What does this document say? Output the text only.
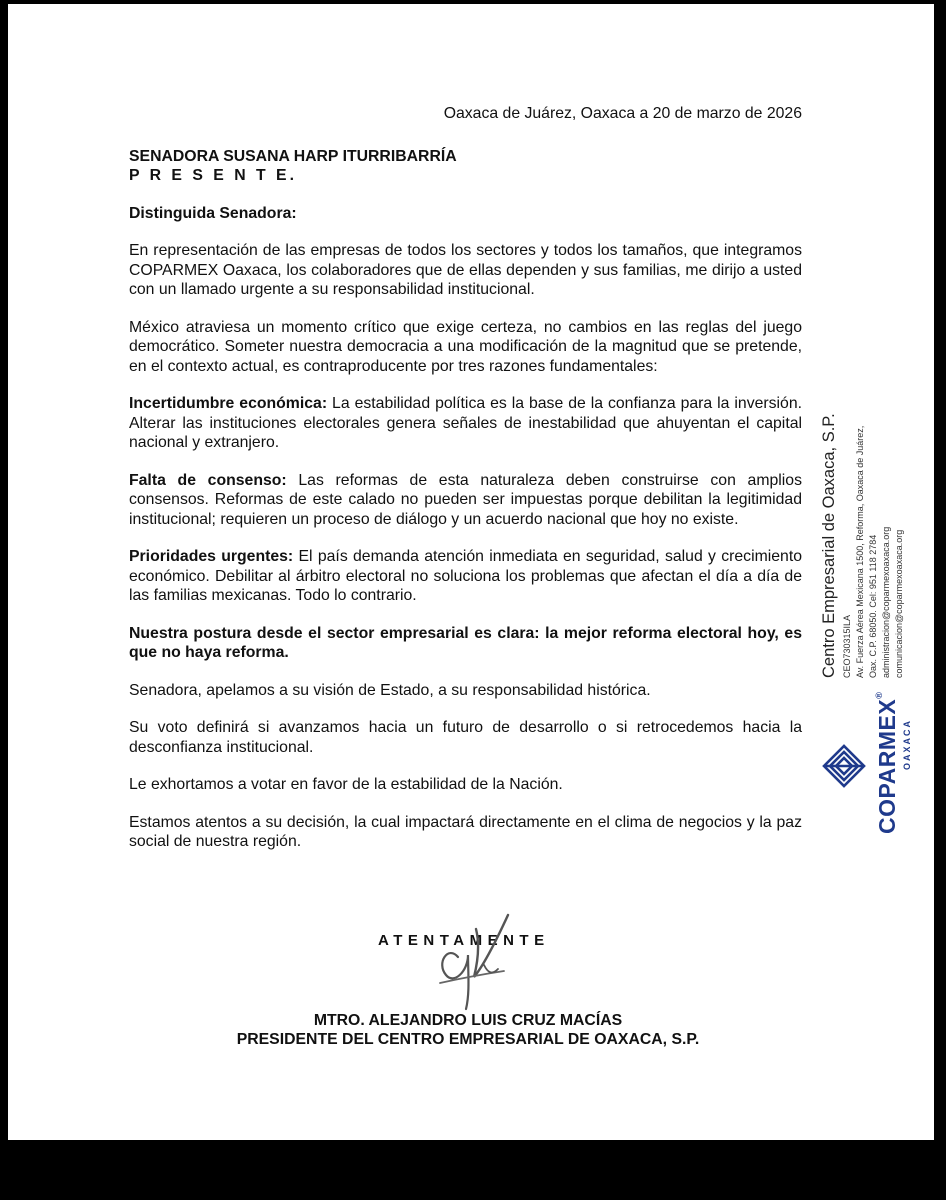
Oaxaca de Juárez, Oaxaca a 20 de marzo de 2026

SENADORA SUSANA HARP ITURRIBARRÍA

P R E S E N T E.

Distinguida Senadora:

En representación de las empresas de todos los sectores y todos los tamaños, que integramos COPARMEX Oaxaca, los colaboradores que de ellas dependen y sus familias, me dirijo a usted con un llamado urgente a su responsabilidad institucional.

México atraviesa un momento crítico que exige certeza, no cambios en las reglas del juego democrático. Someter nuestra democracia a una modificación de la magnitud que se pretende, en el contexto actual, es contraproducente por tres razones fundamentales:

Incertidumbre económica: La estabilidad política es la base de la confianza para la inversión. Alterar las instituciones electorales genera señales de inestabilidad que ahuyentan el capital nacional y extranjero.

Falta de consenso: Las reformas de esta naturaleza deben construirse con amplios consensos. Reformas de este calado no pueden ser impuestas porque debilitan la legitimidad institucional; requieren un proceso de diálogo y un acuerdo nacional que hoy no existe.

Prioridades urgentes: El país demanda atención inmediata en seguridad, salud y crecimiento económico. Debilitar al árbitro electoral no soluciona los problemas que afectan el día a día de las familias mexicanas. Todo lo contrario.

Nuestra postura desde el sector empresarial es clara: la mejor reforma electoral hoy, es que no haya reforma.

Senadora, apelamos a su visión de Estado, a su responsabilidad histórica.

Su voto definirá si avanzamos hacia un futuro de desarrollo o si retrocedemos hacia la desconfianza institucional.

Le exhortamos a votar en favor de la estabilidad de la Nación.

Estamos atentos a su decisión, la cual impactará directamente en el clima de negocios y la paz social de nuestra región.

ATENTAMENTE
MTRO. ALEJANDRO LUIS CRUZ MACÍAS
PRESIDENTE DEL CENTRO EMPRESARIAL DE OAXACA, S.P.
Centro Empresarial de Oaxaca, S.P. CEO730315ILA Av. Fuerza Aérea Mexicana 1500, Reforma, Oaxaca de Juárez, Oax. C.P. 68050. Cel: 951 118 2784 administracion@coparmexoaxaca.org comunicacion@coparmexoaxaca.org
COPARMEX®
OAXACA
